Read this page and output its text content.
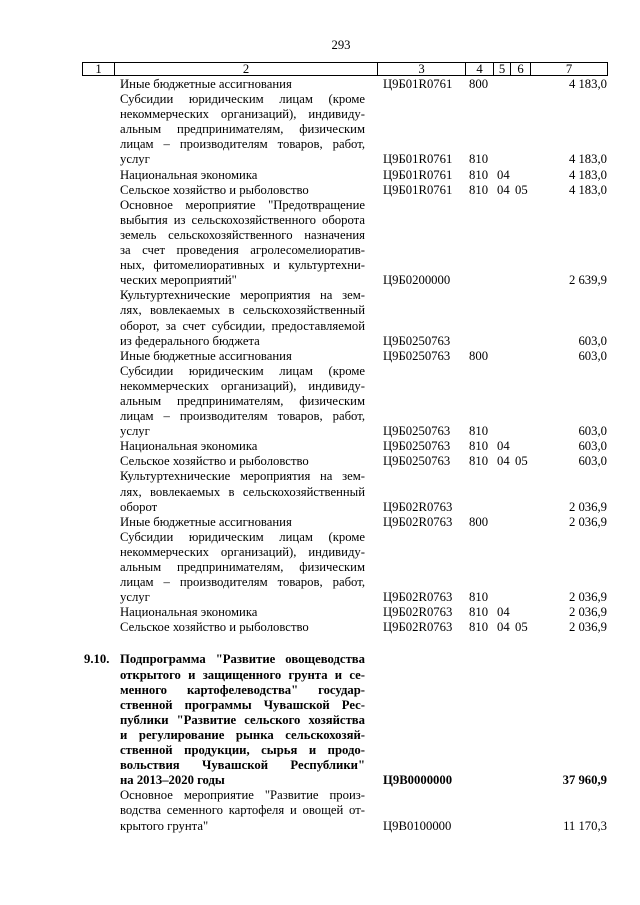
293
1	2	3	4	5 6	7
Иные бюджетные ассигнования	Ц9Б01R0761	800	4 183,0
Субсидии юридическим лицам (кроме
некоммерческих организаций), индивиду-
альным предпринимателям, физическим
лицам – производителям товаров, работ,
услуг	Ц9Б01R0761	810	4 183,0
Национальная экономика	Ц9Б01R0761	810 04	4 183,0
Сельское хозяйство и рыболовство	Ц9Б01R0761	810 04 05	4 183,0
Основное мероприятие "Предотвращение
выбытия из сельскохозяйственного оборота
земель сельскохозяйственного назначения
за счет проведения агролесомелиоратив-
ных, фитомелиоративных и культуртехни-
ческих мероприятий"	Ц9Б0200000	2 639,9
Культуртехнические мероприятия на зем-
лях, вовлекаемых в сельскохозяйственный
оборот, за счет субсидии, предоставляемой
из федерального бюджета	Ц9Б0250763	603,0
Иные бюджетные ассигнования	Ц9Б0250763	800	603,0
Субсидии юридическим лицам (кроме
некоммерческих организаций), индивиду-
альным предпринимателям, физическим
лицам – производителям товаров, работ,
услуг	Ц9Б0250763	810	603,0
Национальная экономика	Ц9Б0250763	810 04	603,0
Сельское хозяйство и рыболовство	Ц9Б0250763	810 04 05	603,0
Культуртехнические мероприятия на зем-
лях, вовлекаемых в сельскохозяйственный
оборот	Ц9Б02R0763	2 036,9
Иные бюджетные ассигнования	Ц9Б02R0763	800	2 036,9
Субсидии юридическим лицам (кроме
некоммерческих организаций), индивиду-
альным предпринимателям, физическим
лицам – производителям товаров, работ,
услуг	Ц9Б02R0763	810	2 036,9
Национальная экономика	Ц9Б02R0763	810 04	2 036,9
Сельское хозяйство и рыболовство	Ц9Б02R0763	810 04 05	2 036,9
9.10. Подпрограмма "Развитие овощеводства
открытого и защищенного грунта и се-
менного картофелеводства" государ-
ственной программы Чувашской Рес-
публики "Развитие сельского хозяйства
и регулирование рынка сельскохозяй-
ственной продукции, сырья и продо-
вольствия Чувашской Республики"
на 2013–2020 годы	Ц9В0000000	37 960,9
Основное мероприятие "Развитие произ-
водства семенного картофеля и овощей от-
крытого грунта"	Ц9В0100000	11 170,3
